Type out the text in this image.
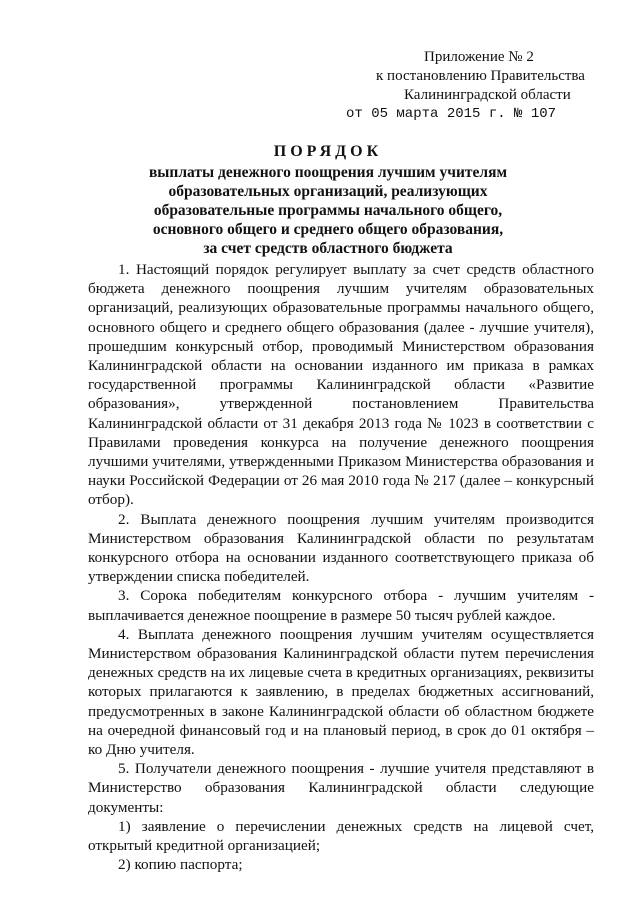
Приложение № 2
к постановлению Правительства
Калининградской области
от 05 марта 2015 г. № 107
ПОРЯДОК
выплаты денежного поощрения лучшим учителям
образовательных организаций, реализующих
образовательные программы начального общего,
основного общего и среднего общего образования,
за счет средств областного бюджета

1. Настоящий порядок регулирует выплату за счет средств областного бюджета денежного поощрения лучшим учителям образовательных организаций, реализующих образовательные программы начального общего, основного общего и среднего общего образования (далее - лучшие учителя), прошедшим конкурсный отбор, проводимый Министерством образования Калининградской области на основании изданного им приказа в рамках государственной программы Калининградской области «Развитие образования», утвержденной постановлением Правительства Калининградской области от 31 декабря 2013 года № 1023 в соответствии с Правилами проведения конкурса на получение денежного поощрения лучшими учителями, утвержденными Приказом Министерства образования и науки Российской Федерации от 26 мая 2010 года № 217 (далее – конкурсный отбор).

2. Выплата денежного поощрения лучшим учителям производится Министерством образования Калининградской области по результатам конкурсного отбора на основании изданного соответствующего приказа об утверждении списка победителей.

3. Сорока победителям конкурсного отбора - лучшим учителям - выплачивается денежное поощрение в размере 50 тысяч рублей каждое.

4. Выплата денежного поощрения лучшим учителям осуществляется Министерством образования Калининградской области путем перечисления денежных средств на их лицевые счета в кредитных организациях, реквизиты которых прилагаются к заявлению, в пределах бюджетных ассигнований, предусмотренных в законе Калининградской области об областном бюджете на очередной финансовый год и на плановый период, в срок до 01 октября – ко Дню учителя.

5. Получатели денежного поощрения - лучшие учителя представляют в Министерство образования Калининградской области следующие документы:

1) заявление о перечислении денежных средств на лицевой счет, открытый кредитной организацией;

2) копию паспорта;
